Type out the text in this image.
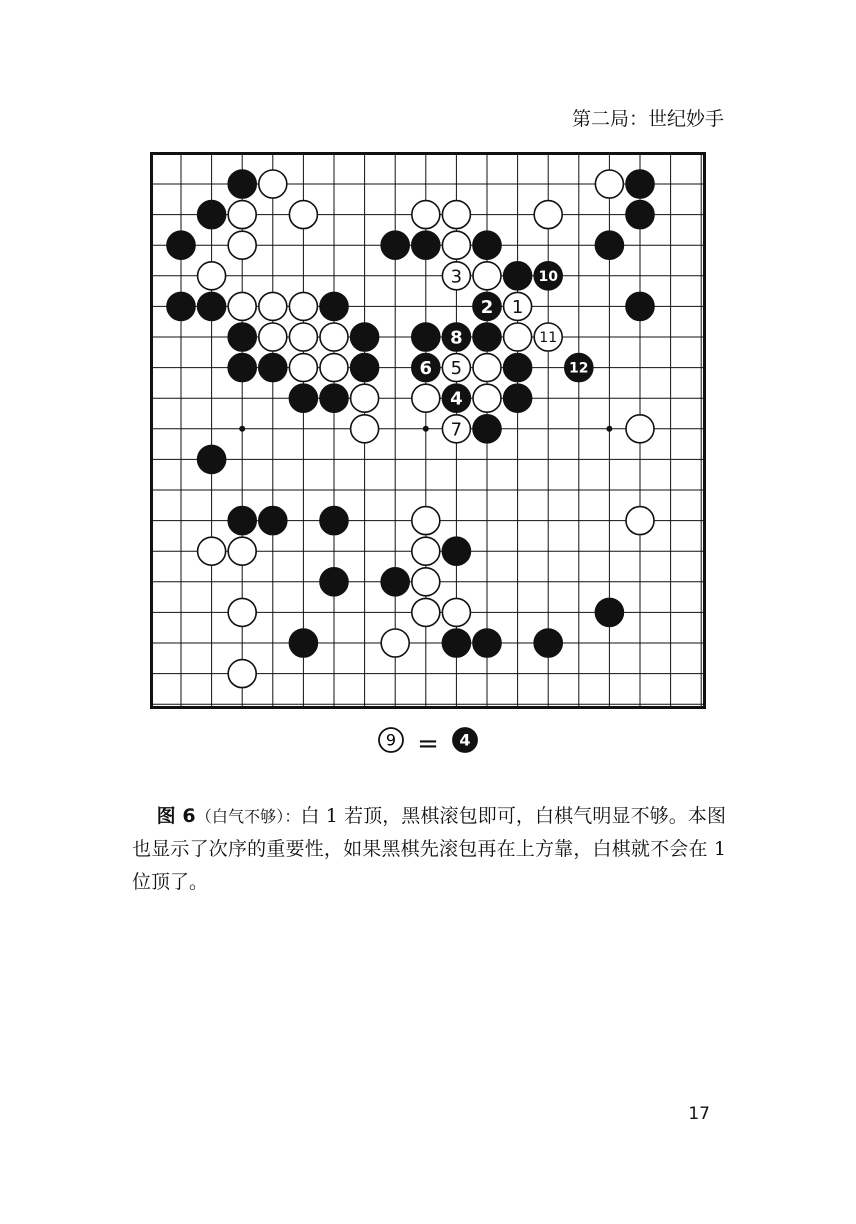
第二局：世纪妙手
3	10
2 1
8	11
6 5	12
4
7
9 = 4
图 6（白气不够）：白 1 若顶，黑棋滚包即可，白棋气明显不够。本图也显示了次序的重要性，如果黑棋先滚包再在上方靠，白棋就不会在 1 位顶了。
17
